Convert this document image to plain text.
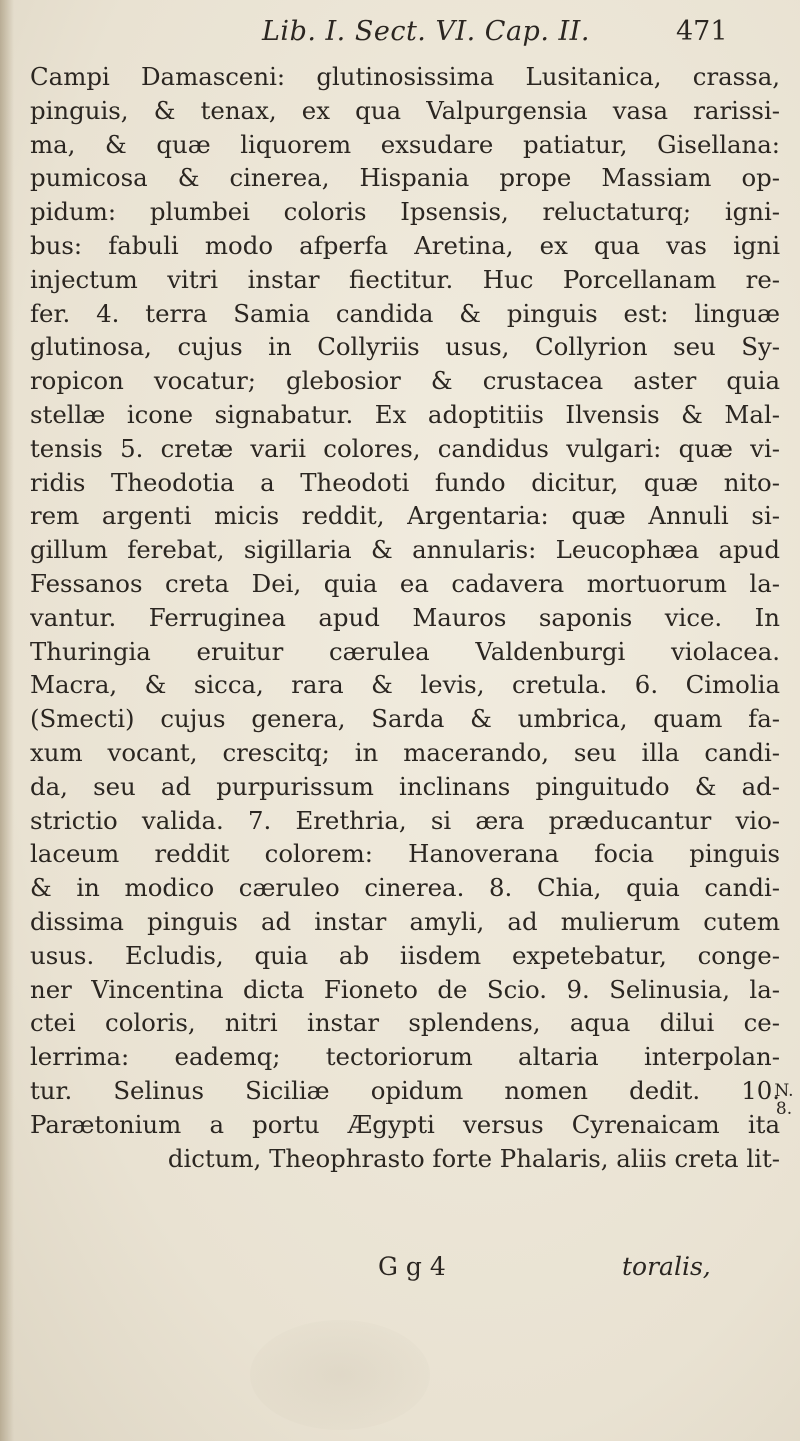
Lib. I. Sect. VI. Cap. II.	471
Campi Damasceni: glutinosissima Lusitanica, crassa,
pinguis, & tenax, ex qua Valpurgensia vasa rarissi-
ma, & quæ liquorem exsudare patiatur, Gisellana:
pumicosa & cinerea, Hispania prope Massiam op-
pidum: plumbei coloris Ipsensis, reluctaturq; igni-
bus: fabuli modo afperfa Aretina, ex qua vas igni
injectum vitri instar fiectitur. Huc Porcellanam re-
fer. 4. terra Samia candida & pinguis est: linguæ
glutinosa, cujus in Collyriis usus, Collyrion seu Sy-
ropicon vocatur; glebosior & crustacea aster quia
stellæ icone signabatur. Ex adoptitiis Ilvensis & Mal-
tensis 5. cretæ varii colores, candidus vulgari: quæ vi-
ridis Theodotia a Theodoti fundo dicitur, quæ nito-
rem argenti micis reddit, Argentaria: quæ Annuli si-
gillum ferebat, sigillaria & annularis: Leucophæa apud
Fessanos creta Dei, quia ea cadavera mortuorum la-
vantur. Ferruginea apud Mauros saponis vice. In
Thuringia eruitur cærulea Valdenburgi violacea.
Macra, & sicca, rara & levis, cretula. 6. Cimolia
(Smecti) cujus genera, Sarda & umbrica, quam fa-
xum vocant, crescitq; in macerando, seu illa candi-
da, seu ad purpurissum inclinans pinguitudo & ad-
strictio valida. 7. Erethria, si æra præducantur vio-
laceum reddit colorem: Hanoverana focia pinguis
& in modico cæruleo cinerea. 8. Chia, quia candi-
dissima pinguis ad instar amyli, ad mulierum cutem
usus. Ecludis, quia ab iisdem expetebatur, conge-
ner Vincentina dicta Fioneto de Scio. 9. Selinusia, la-
ctei coloris, nitri instar splendens, aqua dilui ce-
lerrima: eademq; tectoriorum altaria interpolan-
tur. Selinus Siciliæ opidum nomen dedit. 10.
Parætonium a portu Ægypti versus Cyrenaicam ita
dictum, Theophrasto forte Phalaris, aliis creta lit-
N.
8.
G g 4	toralis,
